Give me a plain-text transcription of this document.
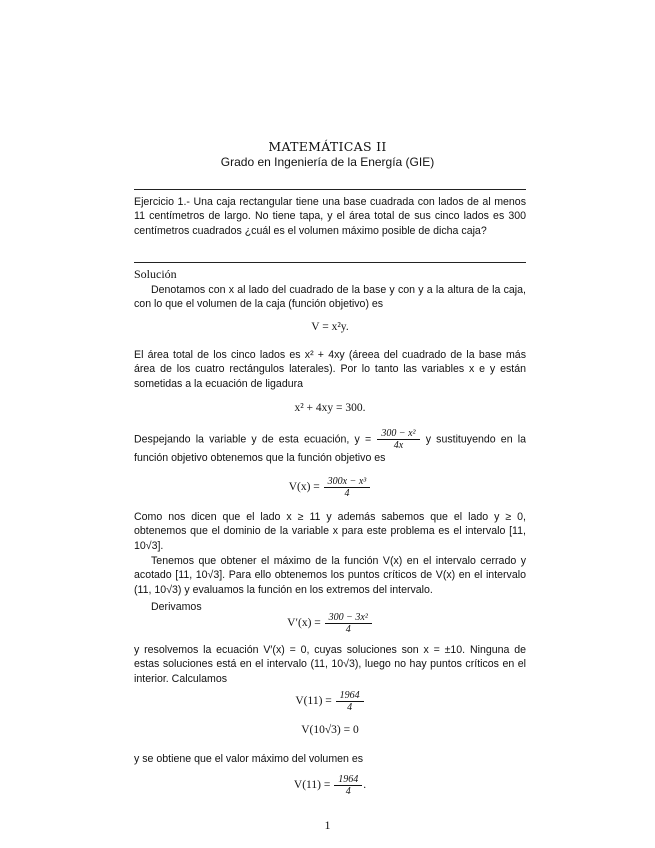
MATEMÁTICAS II
Grado en Ingeniería de la Energía (GIE)
Ejercicio 1.- Una caja rectangular tiene una base cuadrada con lados de al menos 11 centímetros de largo. No tiene tapa, y el área total de sus cinco lados es 300 centímetros cuadrados ¿cuál es el volumen máximo posible de dicha caja?
Solución
Denotamos con x al lado del cuadrado de la base y con y a la altura de la caja, con lo que el volumen de la caja (función objetivo) es
V = x²y.
El área total de los cinco lados es x² + 4xy (áreea del cuadrado de la base más área de los cuatro rectángulos laterales). Por lo tanto las variables x e y están sometidas a la ecuación de ligadura
x² + 4xy = 300.
Despejando la variable y de esta ecuación, $y = \frac{\text{300 − x²}}{4x}$ y sustituyendo en la función objetivo obtenemos que la función objetivo es
$V(x) = \frac{\text{300x − x³}}{4}$
Como nos dicen que el lado x ≥ 11 y además sabemos que el lado y ≥ 0, obtenemos que el dominio de la variable x para este problema es el intervalo [11, 10√3].
Tenemos que obtener el máximo de la función V(x) en el intervalo cerrado y acotado [11, 10√3]. Para ello obtenemos los puntos críticos de V(x) en el intervalo (11, 10√3) y evaluamos la función en los extremos del intervalo.
Derivamos
$V'(x) = \frac{\text{300 − 3x²}}{4}$
y resolvemos la ecuación V′(x) = 0, cuyas soluciones son x = ±10. Ninguna de estas soluciones está en el intervalo (11, 10√3), luego no hay puntos críticos en el interior. Calculamos
$V(11) = \frac{1964}{4}$
V(10√3) = 0
y se obtiene que el valor máximo del volumen es
$V(11) = \frac{1964}{4}$ .
1
